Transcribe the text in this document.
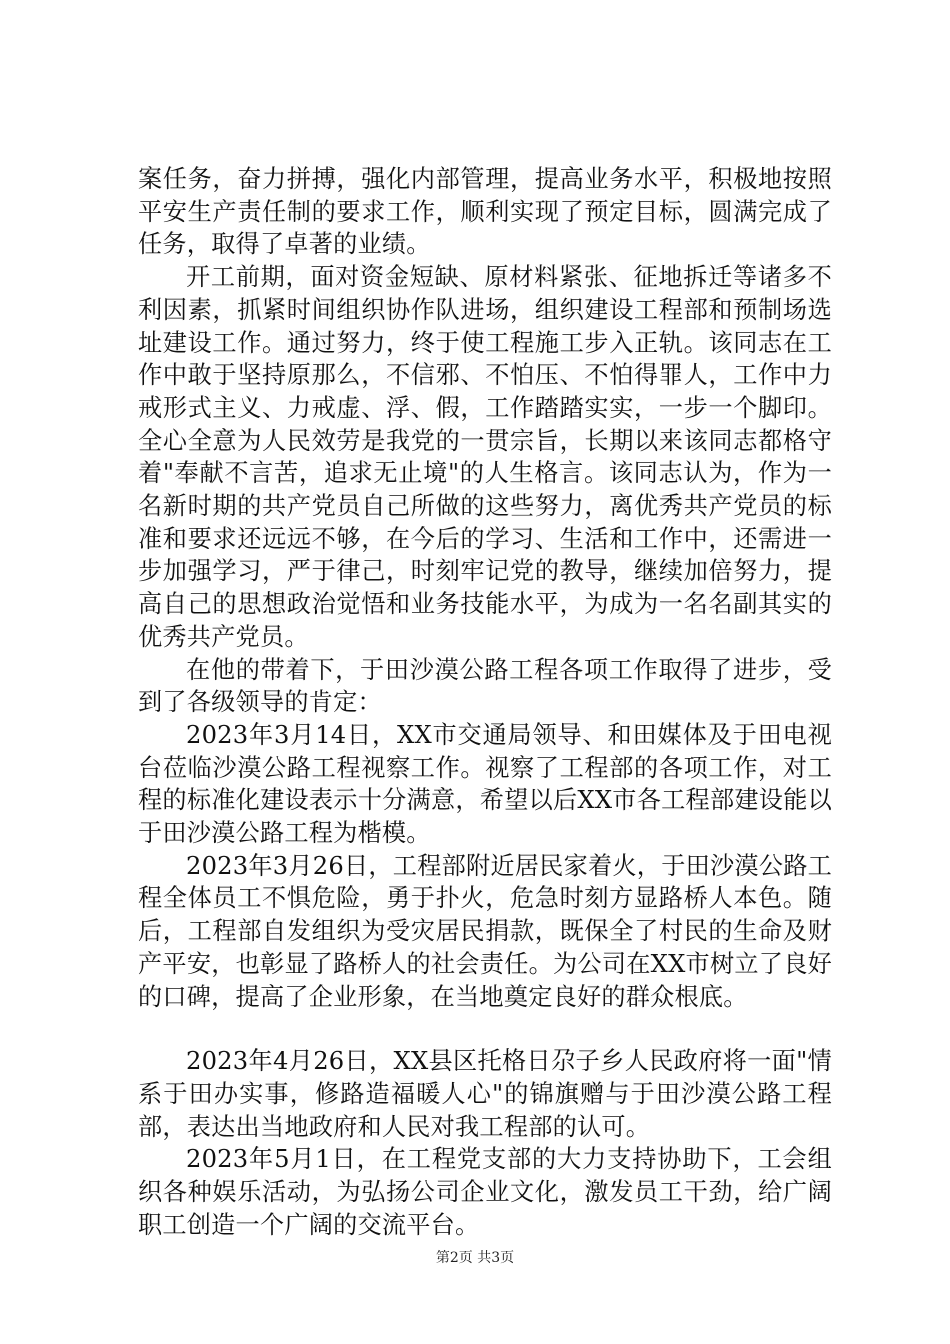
案任务，奋力拼搏，强化内部管理，提高业务水平，积极地按照平安生产责任制的要求工作，顺利实现了预定目标，圆满完成了任务，取得了卓著的业绩。

开工前期，面对资金短缺、原材料紧张、征地拆迁等诸多不利因素，抓紧时间组织协作队进场，组织建设工程部和预制场选址建设工作。通过努力，终于使工程施工步入正轨。该同志在工作中敢于坚持原那么，不信邪、不怕压、不怕得罪人，工作中力戒形式主义、力戒虚、浮、假，工作踏踏实实，一步一个脚印。全心全意为人民效劳是我党的一贯宗旨，长期以来该同志都格守着"奉献不言苦，追求无止境"的人生格言。该同志认为，作为一名新时期的共产党员自己所做的这些努力，离优秀共产党员的标准和要求还远远不够，在今后的学习、生活和工作中，还需进一步加强学习，严于律己，时刻牢记党的教导，继续加倍努力，提高自己的思想政治觉悟和业务技能水平，为成为一名名副其实的优秀共产党员。

在他的带着下，于田沙漠公路工程各项工作取得了进步，受到了各级领导的肯定：

2023年3月14日，XX市交通局领导、和田媒体及于田电视台莅临沙漠公路工程视察工作。视察了工程部的各项工作，对工程的标准化建设表示十分满意，希望以后XX市各工程部建设能以于田沙漠公路工程为楷模。

2023年3月26日，工程部附近居民家着火，于田沙漠公路工程全体员工不惧危险，勇于扑火，危急时刻方显路桥人本色。随后，工程部自发组织为受灾居民捐款，既保全了村民的生命及财产平安，也彰显了路桥人的社会责任。为公司在XX市树立了良好的口碑，提高了企业形象，在当地奠定良好的群众根底。

2023年4月26日，XX县区托格日尕子乡人民政府将一面"情系于田办实事，修路造福暖人心"的锦旗赠与于田沙漠公路工程部，表达出当地政府和人民对我工程部的认可。

2023年5月1日，在工程党支部的大力支持协助下，工会组织各种娱乐活动，为弘扬公司企业文化，激发员工干劲，给广阔职工创造一个广阔的交流平台。

第2页 共3页
